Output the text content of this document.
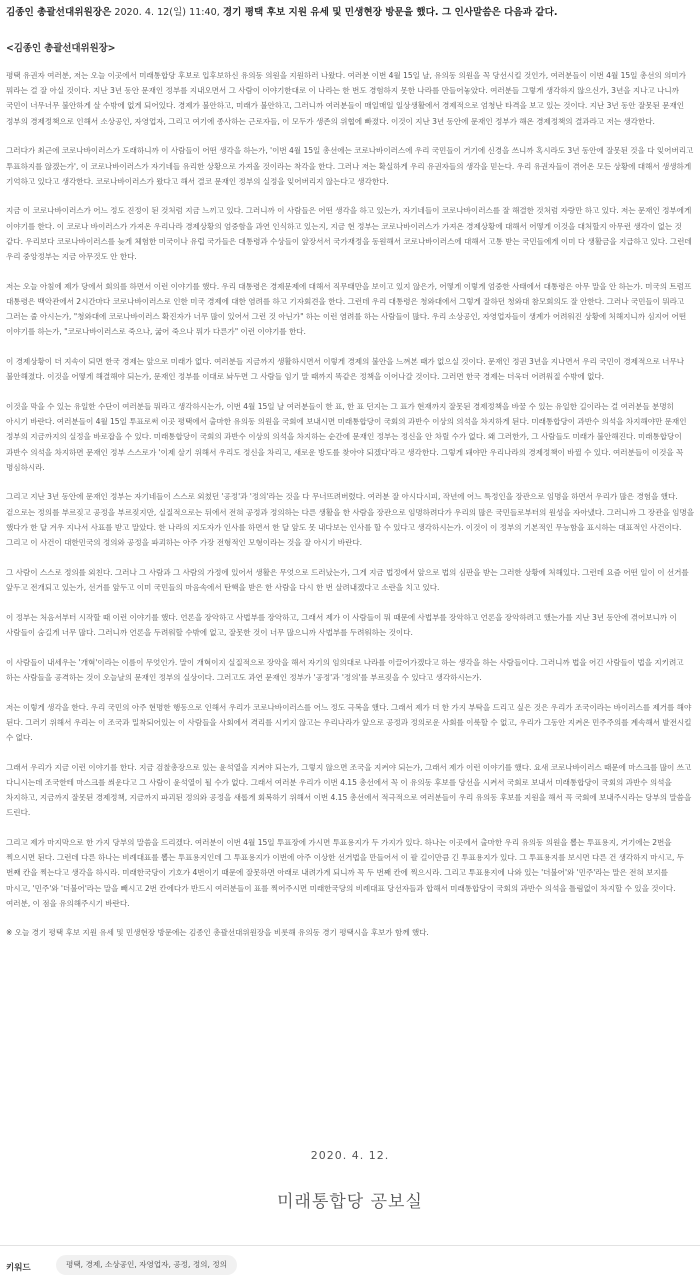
김종인 총괄선대위원장은 2020. 4. 12(일) 11:40, 경기 평택 후보 지원 유세 및 민생현장 방문을 했다. 그 인사말씀은 다음과 같다.
<김종인 총괄선대위원장>

평택 유권자 여러분, 저는 오늘 이곳에서 미래통합당 후보로 입후보하신 유의동 의원을 지원하러 나왔다. 여러분 이번 4월 15일 날, 유의동 의원을 꼭 당선시킬 것인가, 여러분들이 이번 4월 15일 총선의 의미가 뭐라는 걸 잘 아실 것이다. 지난 3년 동안 문재인 정부를 지내오면서 그 사람이 이야기한대로 이 나라는 한 번도 경험하지 못한 나라를 만들어놓았다. 여러분들 그렇게 생각하지 않으신가, 3년을 지나고 나니까 국민이 너무너무 불안하게 살 수밖에 없게 되어있다. 경제가 불안하고, 미래가 불안하고, 그러니까 여러분들이 매일매일 일상생활에서 경제적으로 엄청난 타격을 보고 있는 것이다. 지난 3년 동안 잘못된 문재인 정부의 경제정책으로 인해서 소상공인, 자영업자, 그리고 여기에 종사하는 근로자들, 이 모두가 생존의 위협에 빠졌다. 이것이 지난 3년 동안에 문재인 정부가 해온 경제정책의 결과라고 저는 생각한다.

그러다가 최근에 코로나바이러스가 도래하니까 이 사람들이 어떤 생각을 하는가, '이번 4월 15일 총선에는 코로나바이러스에 우리 국민들이 거기에 신경을 쓰니까 혹시라도 3년 동안에 잘못된 것을 다 잊어버리고 투표하지를 않겠는가', 이 코로나바이러스가 자기네들 유리한 상황으로 가져올 것이라는 착각을 한다. 그러나 저는 확실하게 우리 유권자들의 생각을 믿는다. 우리 유권자들이 겪어온 모든 상황에 대해서 생생하게 기억하고 있다고 생각한다. 코로나바이러스가 왔다고 해서 결코 문재인 정부의 실정을 잊어버리지 않는다고 생각한다.

지금 이 코로나바이러스가 어느 정도 진정이 된 것처럼 지금 느끼고 있다. 그러니까 이 사람들은 어떤 생각을 하고 있는가, 자기네들이 코로나바이러스를 잘 해결한 것처럼 자랑만 하고 있다. 저는 문재인 정부에게 이야기를 한다. 이 코로나 바이러스가 가져온 우리나라 경제상황의 엄중함을 과연 인식하고 있는지, 지금 현 정부는 코로나바이러스가 가져온 경제상황에 대해서 어떻게 이것을 대처할지 아무런 생각이 없는 것 같다. 우리보다 코로나바이러스를 늦게 체험한 미국이나 유럽 국가들은 대통령과 수상들이 앞장서서 국가재정을 동원해서 코로나바이러스에 대해서 고통 받는 국민들에게 이미 다 생활금을 지급하고 있다. 그런데 우리 중앙정부는 지금 아무것도 안 한다.

저는 오늘 아침에 제가 당에서 회의를 하면서 이런 이야기를 했다. 우리 대통령은 경제문제에 대해서 직무태만을 보이고 있지 않은가, 어떻게 이렇게 엄중한 사태에서 대통령은 아무 말을 안 하는가. 미국의 트럼프 대통령은 백악관에서 2시간마다 코로나바이러스로 인한 미국 경제에 대한 염려를 하고 기자회견을 한다. 그런데 우리 대통령은 청와대에서 그렇게 잘하던 청와대 참모회의도 잘 안한다. 그러나 국민들이 뭐라고 그러는 줄 아시는가, "청와대에 코로나바이러스 확진자가 너무 많이 있어서 그런 것 아닌가" 하는 이런 염려를 하는 사람들이 많다. 우리 소상공인, 자영업자들이 생계가 어려워진 상황에 처해지니까 심지어 어떤 이야기를 하는가, "코로나바이러스로 죽으나, 굶어 죽으나 뭐가 다른가" 이런 이야기를 한다.

이 경제상황이 더 지속이 되면 한국 경제는 앞으로 미래가 없다. 여러분들 지금까지 생활하시면서 이렇게 경제의 불안을 느껴본 때가 없으실 것이다. 문재인 정권 3년을 지나면서 우리 국민이 경제적으로 너무나 불안해졌다. 이것을 어떻게 해결해야 되는가, 문재인 정부를 이대로 놔두면 그 사람들 임기 말 때까지 똑같은 정책을 이어나갈 것이다. 그러면 한국 경제는 더욱더 어려워질 수밖에 없다.

이것을 막을 수 있는 유일한 수단이 여러분들 뭐라고 생각하시는가, 이번 4월 15일 날 여러분들이 한 표, 한 표 던지는 그 표가 현재까지 잘못된 경제정책을 바꿀 수 있는 유일한 길이라는 걸 여러분들 분명히 아시기 바란다. 여러분들이 4월 15일 투표로써 이곳 평택에서 출마한 유의동 의원을 국회에 보내시면 미래통합당이 국회의 과반수 이상의 의석을 차지하게 된다. 미래통합당이 과반수 의석을 차지해야만 문재인 정부의 지금까지의 실정을 바로잡을 수 있다. 미래통합당이 국회의 과반수 이상의 의석을 차지하는 순간에 문재인 정부는 정신을 안 차릴 수가 없다. 왜 그러한가, 그 사람들도 미래가 불안해진다. 미래통합당이 과반수 의석을 차지하면 문재인 정부 스스로가 '이제 살기 위해서 우리도 정신을 차리고, 새로운 방도를 찾아야 되겠다'라고 생각한다. 그렇게 돼야만 우리나라의 경제정책이 바뀔 수 있다. 여러분들이 이것을 꼭 명심하시라.

그리고 지난 3년 동안에 문재인 정부는 자기네들이 스스로 외쳤던 '공정'과 '정의'라는 것을 다 무너뜨려버렸다. 여러분 잘 아시다시피, 작년에 어느 특정인을 장관으로 임명을 하면서 우리가 많은 경험을 했다. 겉으로는 정의를 부르짖고 공정을 부르짖지만, 실질적으로는 뒤에서 전혀 공정과 정의하는 다른 생활을 한 사람을 장관으로 임명하려다가 우리의 많은 국민들로부터의 원성을 자아냈다. 그러니까 그 장관을 임명을 했다가 한 달 겨우 지나서 사표를 받고 말았다. 한 나라의 지도자가 인사를 하면서 한 달 앞도 못 내다보는 인사를 할 수 있다고 생각하시는가. 이것이 이 정부의 기본적인 무능함을 표시하는 대표적인 사건이다. 그리고 이 사건이 대한민국의 정의와 공정을 파괴하는 아주 가장 전형적인 모형이라는 것을 잘 아시기 바란다.

그 사람이 스스로 정의를 외친다. 그러나 그 사람과 그 사람의 가정에 있어서 생활은 무엇으로 드러났는가, 그게 지금 법정에서 앞으로 법의 심판을 받는 그러한 상황에 처해있다. 그런데 요즘 어떤 일이 이 선거를 앞두고 전개되고 있는가, 선거를 앞두고 이미 국민들의 마음속에서 탄핵을 받은 한 사람을 다시 한 번 살려내겠다고 소란을 치고 있다.

이 정부는 처음서부터 시작할 때 이런 이야기를 했다. 언론을 장악하고 사법부를 장악하고, 그래서 제가 이 사람들이 뭐 때문에 사법부를 장악하고 언론을 장악하려고 했는가를 지난 3년 동안에 겪어보니까 이 사람들이 숨길게 너무 많다. 그러니까 언론을 두려워할 수밖에 없고, 잘못한 것이 너무 많으니까 사법부를 두려워하는 것이다.

이 사람들이 내세우는 '개혁'이라는 이름이 무엇인가. 말이 개혁이지 실질적으로 장악을 해서 자기의 임의대로 나라를 이끌어가겠다고 하는 생각을 하는 사람들이다. 그러니까 법을 어긴 사람들이 법을 지키려고 하는 사람들을 공격하는 것이 오늘날의 문재인 정부의 실상이다. 그러고도 과연 문재인 정부가 '공정'과 '정의'를 부르짖을 수 있다고 생각하시는가.

저는 이렇게 생각을 한다. 우리 국민의 아주 현명한 행동으로 인해서 우리가 코로나바이러스를 어느 정도 극복을 했다. 그래서 제가 더 한 가지 부탁을 드리고 싶은 것은 우리가 조국이라는 바이러스를 제거를 해야 된다. 그러기 위해서 우리는 이 조국과 밀착되어있는 이 사람들을 사회에서 격리를 시키지 않고는 우리나라가 앞으로 공정과 정의로운 사회를 이룩할 수 없고, 우리가 그동안 지켜온 민주주의를 계속해서 발전시킬 수 없다.

그래서 우리가 지금 이런 이야기를 한다. 지금 검찰총장으로 있는 윤석열을 지켜야 되는가, 그렇지 않으면 조국을 지켜야 되는가, 그래서 제가 이런 이야기를 했다. 요새 코로나바이러스 때문에 마스크를 많이 쓰고 다니시는데 조국한테 마스크를 씌운다고 그 사람이 윤석열이 될 수가 없다. 그래서 여러분 우리가 이번 4.15 총선에서 꼭 이 유의동 후보를 당선을 시켜서 국회로 보내서 미래통합당이 국회의 과반수 의석을 차지하고, 지금까지 잘못된 경제정책, 지금까지 파괴된 정의와 공정을 새롭게 회복하기 위해서 이번 4.15 총선에서 적극적으로 여러분들이 우리 유의동 후보를 지원을 해서 꼭 국회에 보내주시라는 당부의 말씀을 드린다.

그리고 제가 마지막으로 한 가지 당부의 말씀을 드리겠다. 여러분이 이번 4월 15일 투표장에 가시면 투표용지가 두 가지가 있다. 하나는 이곳에서 출마한 우리 유의동 의원을 뽑는 투표용지, 거기에는 2번을 찍으시면 된다. 그런데 다른 하나는 비례대표를 뽑는 투표용지인데 그 투표용지가 이번에 아주 이상한 선거법을 만들어서 이 팔 길이만큼 긴 투표용지가 있다. 그 투표용지를 보시면 다른 건 생각하지 마시고, 두 번째 칸을 찍는다고 생각을 하시라. 미래한국당이 기호가 4번이기 때문에 잘못하면 아래로 내려가게 되니까 꼭 두 번째 칸에 찍으시라. 그리고 투표용지에 나와 있는 '더불어'와 '민주'라는 말은 전혀 보지를 마시고, '민주'와 '더불어'라는 말을 빼시고 2번 칸에다가 반드시 여러분들이 표를 찍어주시면 미래한국당의 비례대표 당선자들과 합해서 미래통합당이 국회의 과반수 의석을 틀림없이 차지할 수 있을 것이다. 여러분, 이 점을 유의해주시기 바란다.

※ 오늘 경기 평택 후보 지원 유세 및 민생현장 방문에는 김종인 총괄선대위원장을 비롯해 유의동 경기 평택시을 후보가 함께 했다.

2020. 4. 12.
미래통합당 공보실
키워드	평택, 경제, 소상공인, 자영업자, 공정, 정의, 정의
